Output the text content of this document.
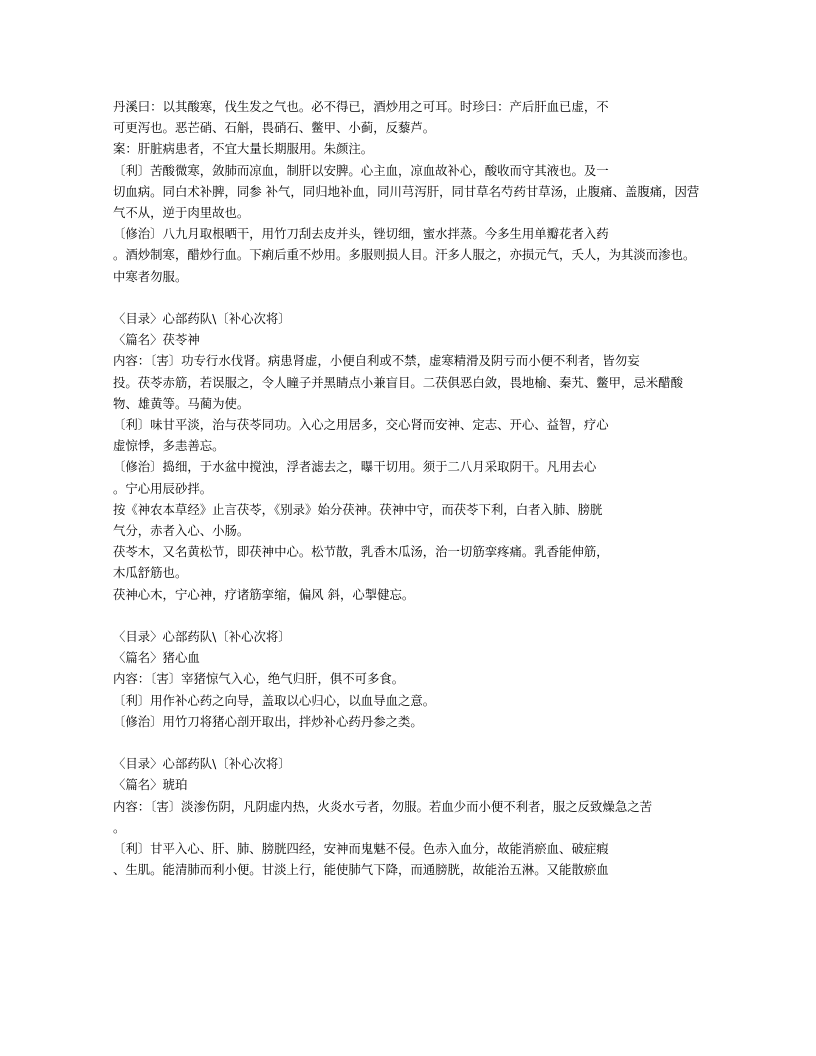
丹溪曰：以其酸寒，伐生发之气也。必不得已，酒炒用之可耳。时珍曰：产后肝血已虚，不

可更泻也。恶芒硝、石斛，畏硝石、鳖甲、小蓟，反藜芦。

案：肝脏病患者，不宜大量长期服用。朱颜注。

〔利〕苦酸微寒，敛肺而凉血，制肝以安脾。心主血，凉血故补心，酸收而守其液也。及一

切血病。同白术补脾，同参 补气，同归地补血，同川芎泻肝，同甘草名芍药甘草汤，止腹痛、盖腹痛，因营气不从，逆于肉里故也。

〔修治〕八九月取根晒干，用竹刀刮去皮并头，锉切细，蜜水拌蒸。今多生用单瓣花者入药

。酒炒制寒，醋炒行血。下痢后重不炒用。多服则损人目。汗多人服之，亦损元气，夭人，为其淡而渗也。中寒者勿服。

〈目录〉心部药队\〔补心次将〕

〈篇名〉茯苓神

内容：〔害〕功专行水伐肾。病患肾虚，小便自利或不禁，虚寒精滑及阴亏而小便不利者，皆勿妄

投。茯苓赤筋，若误服之，令人瞳子并黑睛点小兼盲目。二茯俱恶白敛，畏地榆、秦艽、鳖甲，忌米醋酸物、雄黄等。马蔺为使。

〔利〕味甘平淡，治与茯苓同功。入心之用居多，交心肾而安神、定志、开心、益智，疗心

虚惊悸，多恚善忘。

〔修治〕捣细，于水盆中搅浊，浮者滤去之，曝干切用。须于二八月采取阴干。凡用去心

。宁心用辰砂拌。

按《神农本草经》止言茯苓，《别录》始分茯神。茯神中守，而茯苓下利，白者入肺、膀胱

气分，赤者入心、小肠。

茯苓木，又名黄松节，即茯神中心。松节散，乳香木瓜汤，治一切筋挛疼痛。乳香能伸筋，

木瓜舒筋也。

茯神心木，宁心神，疗诸筋挛缩，偏风 斜，心掣健忘。

〈目录〉心部药队\〔补心次将〕

〈篇名〉猪心血

内容：〔害〕宰猪惊气入心，绝气归肝，俱不可多食。

〔利〕用作补心药之向导，盖取以心归心，以血导血之意。

〔修治〕用竹刀将猪心剖开取出，拌炒补心药丹参之类。

〈目录〉心部药队\〔补心次将〕

〈篇名〉琥珀

内容：〔害〕淡渗伤阴，凡阴虚内热，火炎水亏者，勿服。若血少而小便不利者，服之反致燥急之苦

。

〔利〕甘平入心、肝、肺、膀胱四经，安神而鬼魅不侵。色赤入血分，故能消瘀血、破症瘕

、生肌。能清肺而利小便。甘淡上行，能使肺气下降，而通膀胱，故能治五淋。又能散瘀血
